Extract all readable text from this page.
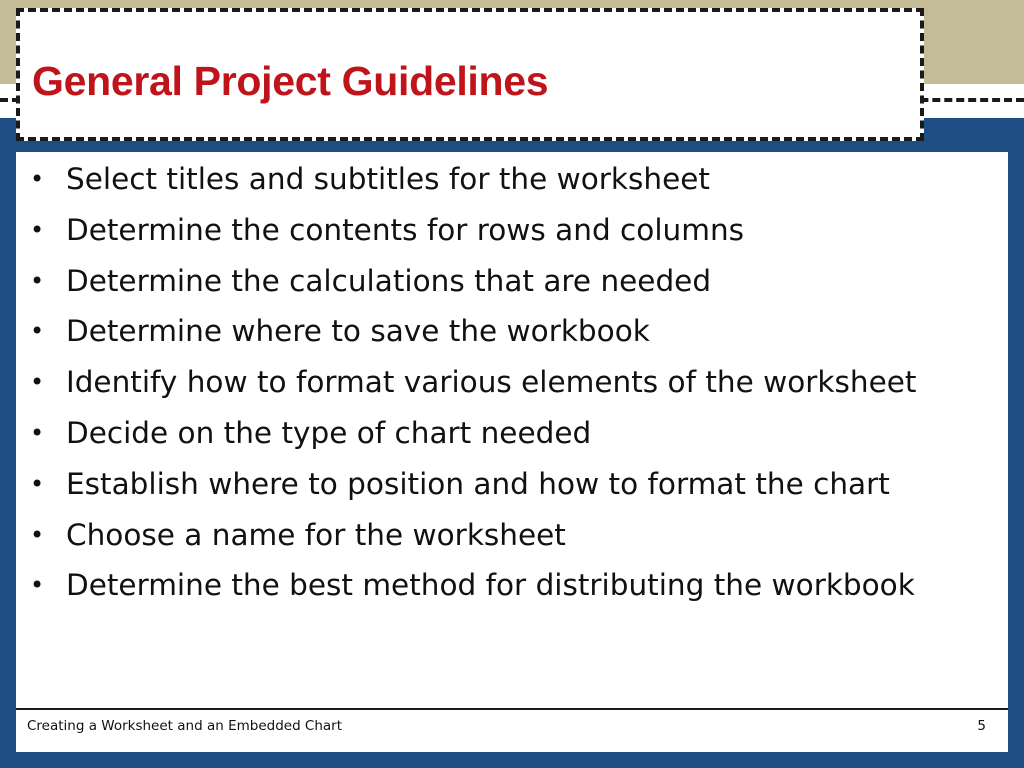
General Project Guidelines
• Select titles and subtitles for the worksheet
• Determine the contents for rows and columns
• Determine the calculations that are needed
• Determine where to save the workbook
• Identify how to format various elements of the worksheet
• Decide on the type of chart needed
• Establish where to position and how to format the chart
• Choose a name for the worksheet
• Determine the best method for distributing the workbook
Creating a Worksheet and an Embedded Chart	5
